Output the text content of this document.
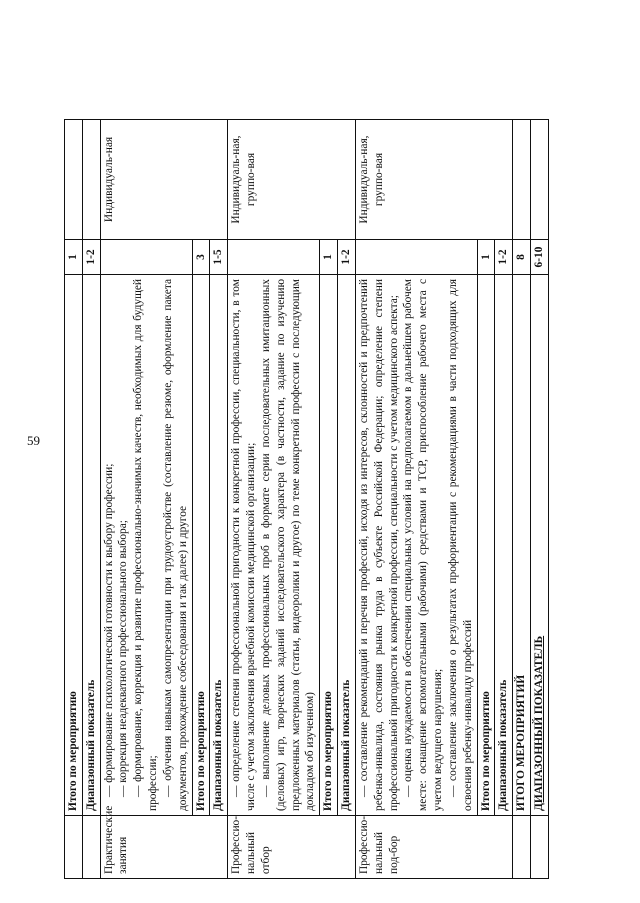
59
	Итого по мероприятию	1	
	Диапазонный показатель	1-2	
Практические занятия	— формирование психологической готовности к выбору профессии; — коррекция неадекватного профессионального выбора; — формирование, коррекция и развитие профессионально-значимых качеств, необходимых для будущей профессии; — обучения навыкам самопрезентации при трудоустройстве (составление резюме, оформление пакета документов, прохождение собеседования и так далее) и другое		Индивидуаль-ная
	Итого по мероприятию	3	
	Диапазонный показатель	1-5	
Профессио-нальный отбор	— определение степени профессиональной пригодности к конкретной профессии, специальности, в том числе с учетом заключения врачебной комиссии медицинской организации; — выполнение деловых профессиональных проб в формате серии последовательных имитационных (деловых) игр, творческих заданий исследовательского характера (в частности, задание по изучению предложенных материалов (статьи, видеоролики и другое) по теме конкретной профессии с последующим докладом об изученном)		Индивидуаль-ная, группо-вая
	Итого по мероприятию	1	
	Диапазонный показатель	1-2	
Профессио-нальный под-бор	— составление рекомендаций и перечня профессий, исходя из интересов, склонностей и предпочтений ребенка-инвалида, состояния рынка труда в субъекте Российской Федерации; определение степени профессиональной пригодности к конкретной профессии, специальности с учетом медицинского аспекта; — оценка нуждаемости в обеспечении специальных условий на предполагаемом в дальнейшем рабочем месте: оснащение вспомогательными (рабочими) средствами и ТСР, приспособление рабочего места с учетом ведущего нарушения; — составление заключения о результатах профориентации с рекомендациями в части подходящих для освоения ребенку-инвалиду профессий		Индивидуаль-ная, группо-вая
	Итого по мероприятию	1	
	Диапазонный показатель	1-2	
	ИТОГО МЕРОПРИЯТИЙ	8	
	ДИАПАЗОННЫЙ ПОКАЗАТЕЛЬ	6-10	
